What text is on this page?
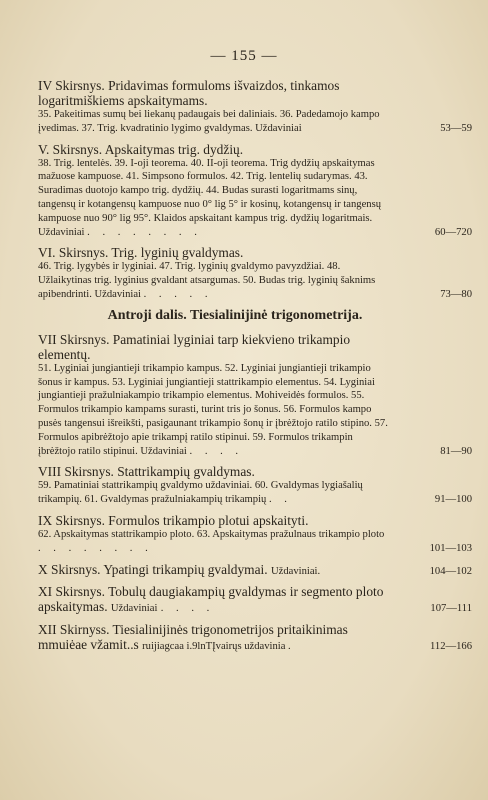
— 155 —
IV Skirsnys. Pridavimas formuloms išvaizdos, tinkamos logaritmiškiems apskaitymams.
35. Pakeitimas sumų bei liekanų padaugais bei daliniais. 36. Padedamojo kampo įvedimas. 37. Trig. kvadratinio lygimo gvaldymas. Uždaviniai	53—59
V. Skirsnys. Apskaitymas trig. dydžių.
38. Trig. lentelės. 39. I-oji teorema. 40. II-oji teorema. Trig dydžių apskaitymas mažuose kampuose. 41. Simpsono formulos. 42. Trig. lentelių sudarymas. 43. Suradimas duotojo kampo trig. dydžių. 44. Budas surasti logaritmams sinų, tangensų ir kotangensų kampuose nuo 0° lig 5° ir kosinų, kotangensų ir tangensų kampuose nuo 90° lig 95°. Klaidos apskaitant kampus trig. dydžių logaritmais. Uždaviniai . . . . . . . .	60—720
VI. Skirsnys. Trig. lyginių gvaldymas.
46. Trig. lygybės ir lyginiai. 47. Trig. lyginių gvaldymo pavyzdžiai. 48. Užlaikytinas trig. lyginius gvaldant atsargumas. 50. Budas trig. lyginių šaknims apibendrinti. Uždaviniai . . . . .	73—80
Antroji dalis. Tiesialinijinė trigonometrija.
VII Skirsnys. Pamatiniai lyginiai tarp kiekvieno trikampio elementų.
51. Lyginiai jungiantieji trikampio kampus. 52. Lyginiai jungiantieji trikampio šonus ir kampus. 53. Lyginiai jungiantieji stattrikampio elementus. 54. Lyginiai jungiantieji pražulniakampio trikampio elementus. Mohiveidės formulos. 55. Formulos trikampio kampams surasti, turint tris jo šonus. 56. Formulos kampo pusės tangensui išreikšti, pasigaunant trikampio šonų ir įbrėžtojo ratilo stipino. 57. Formulos apibrėžtojo apie trikampį ratilo stipinui. 59. Formulos trikampin įbrėžtojo ratilo stipinui. Uždaviniai . . . .	81—90
VIII Skirsnys. Stattrikampių gvaldymas.
59. Pamatiniai stattrikampių gvaldymo uždaviniai. 60. Gvaldymas lygiašalių trikampių. 61. Gvaldymas pražulniakampių trikampių . .	91—100
IX Skirsnys. Formulos trikampio plotui apskaityti.
62. Apskaitymas stattrikampio ploto. 63. Apskaitymas pražulnaus trikampio ploto . . . . . . . .	101—103
X Skirsnys. Ypatingi trikampių gvaldymai. Uždaviniai.	104—102
XI Skirsnys. Tobulų daugiakampių gvaldymas ir segmento ploto apskaitymas. Uždaviniai . . . .	107—111
XII Skirnyss. Tiesialinijinės trigonometrijos pritaikinimas mmuiėae vžamit..s ruijiagcaa i.9lnTĮvairųs uždavinia .	112—166
